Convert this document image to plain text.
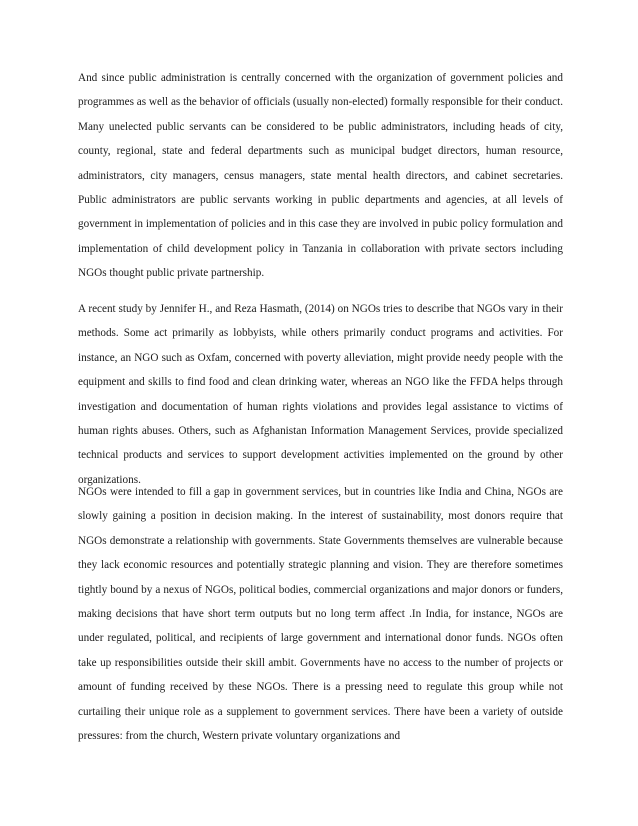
And since public administration is centrally concerned with the organization of government policies and programmes as well as the behavior of officials (usually non-elected) formally responsible for their conduct. Many unelected public servants can be considered to be public administrators, including heads of city, county, regional, state and federal departments such as municipal budget directors, human resource, administrators, city managers, census managers, state mental health directors, and cabinet secretaries. Public administrators are public servants working in public departments and agencies, at all levels of government in implementation of policies and in this case they are involved in pubic policy formulation and implementation of child development policy in Tanzania in collaboration with private sectors including NGOs thought public private partnership.

A recent study by Jennifer H., and Reza Hasmath, (2014) on NGOs tries to describe that NGOs vary in their methods. Some act primarily as lobbyists, while others primarily conduct programs and activities. For instance, an NGO such as Oxfam, concerned with poverty alleviation, might provide needy people with the equipment and skills to find food and clean drinking water, whereas an NGO like the FFDA helps through investigation and documentation of human rights violations and provides legal assistance to victims of human rights abuses. Others, such as Afghanistan Information Management Services, provide specialized technical products and services to support development activities implemented on the ground by other organizations.

NGOs were intended to fill a gap in government services, but in countries like India and China, NGOs are slowly gaining a position in decision making. In the interest of sustainability, most donors require that NGOs demonstrate a relationship with governments. State Governments themselves are vulnerable because they lack economic resources and potentially strategic planning and vision. They are therefore sometimes tightly bound by a nexus of NGOs, political bodies, commercial organizations and major donors or funders, making decisions that have short term outputs but no long term affect .In India, for instance, NGOs are under regulated, political, and recipients of large government and international donor funds. NGOs often take up responsibilities outside their skill ambit. Governments have no access to the number of projects or amount of funding received by these NGOs. There is a pressing need to regulate this group while not curtailing their unique role as a supplement to government services. There have been a variety of outside pressures: from the church, Western private voluntary organizations and
